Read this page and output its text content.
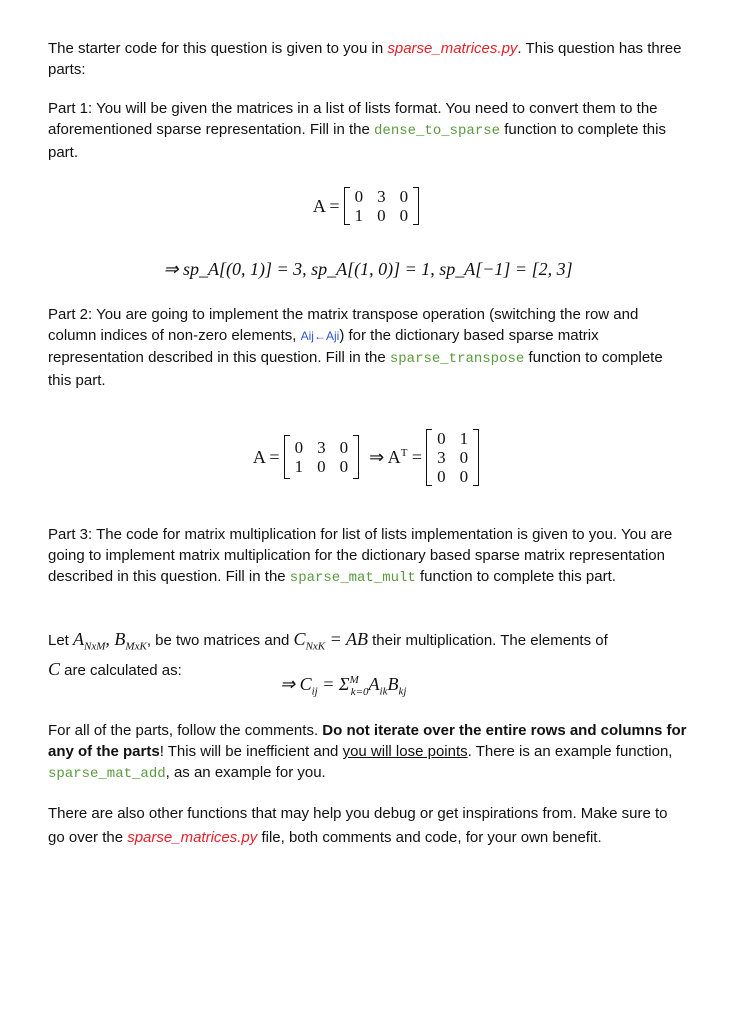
The starter code for this question is given to you in sparse_matrices.py. This question has three parts:

Part 1: You will be given the matrices in a list of lists format. You need to convert them to the aforementioned sparse representation. Fill in the dense_to_sparse function to complete this part.

A = 0 3 0
1 0 0
⇒ sp_A[(0, 1)] = 3, sp_A[(1, 0)] = 1, sp_A[−1] = [2, 3]

Part 2: You are going to implement the matrix transpose operation (switching the row and column indices of non-zero elements, Aij←Aji) for the dictionary based sparse matrix representation described in this question. Fill in the sparse_transpose function to complete this part.

A = 0 3 0
1 0 0 ⇒ $A^T$ =
0 1
3 0
0 0

Part 3: The code for matrix multiplication for list of lists implementation is given to you. You are going to implement matrix multiplication for the dictionary based sparse matrix representation described in this question. Fill in the sparse_mat_mult function to complete this part.

Let $A_{NxM}$, $B_{MxK}$, be two matrices and $C_{NxK}$ = AB their multiplication. The elements of
C are calculated as:

⇒ $C_{ij} = \Sigma^M_{k=0}A_{ik}B_{kj}$

For all of the parts, follow the comments. Do not iterate over the entire rows and columns for any of the parts! This will be inefficient and you will lose points. There is an example function, sparse_mat_add, as an example for you.

There are also other functions that may help you debug or get inspirations from. Make sure to go over the sparse_matrices.py file, both comments and code, for your own benefit.
